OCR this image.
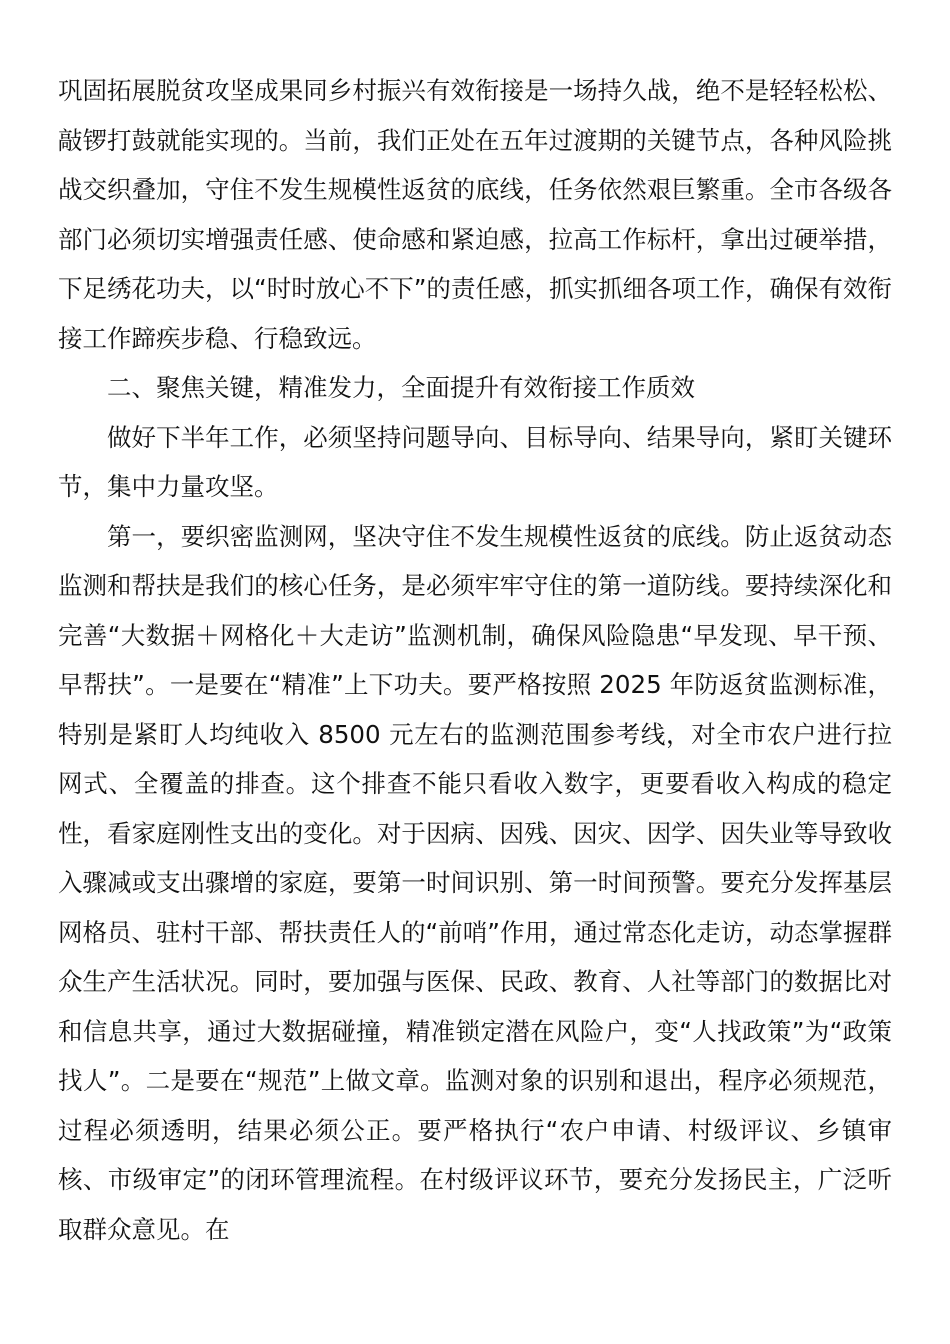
巩固拓展脱贫攻坚成果同乡村振兴有效衔接是一场持久战，绝不是轻轻松松、敲锣打鼓就能实现的。当前，我们正处在五年过渡期的关键节点，各种风险挑战交织叠加，守住不发生规模性返贫的底线，任务依然艰巨繁重。全市各级各部门必须切实增强责任感、使命感和紧迫感，拉高工作标杆，拿出过硬举措，下足绣花功夫，以“时时放心不下”的责任感，抓实抓细各项工作，确保有效衔接工作蹄疾步稳、行稳致远。

二、聚焦关键，精准发力，全面提升有效衔接工作质效

做好下半年工作，必须坚持问题导向、目标导向、结果导向，紧盯关键环节，集中力量攻坚。

第一，要织密监测网，坚决守住不发生规模性返贫的底线。防止返贫动态监测和帮扶是我们的核心任务，是必须牢牢守住的第一道防线。要持续深化和完善“大数据＋网格化＋大走访”监测机制，确保风险隐患“早发现、早干预、早帮扶”。一是要在“精准”上下功夫。要严格按照 2025 年防返贫监测标准，特别是紧盯人均纯收入 8500 元左右的监测范围参考线，对全市农户进行拉网式、全覆盖的排查。这个排查不能只看收入数字，更要看收入构成的稳定性，看家庭刚性支出的变化。对于因病、因残、因灾、因学、因失业等导致收入骤减或支出骤增的家庭，要第一时间识别、第一时间预警。要充分发挥基层网格员、驻村干部、帮扶责任人的“前哨”作用，通过常态化走访，动态掌握群众生产生活状况。同时，要加强与医保、民政、教育、人社等部门的数据比对和信息共享，通过大数据碰撞，精准锁定潜在风险户，变“人找政策”为“政策找人”。二是要在“规范”上做文章。监测对象的识别和退出，程序必须规范，过程必须透明，结果必须公正。要严格执行“农户申请、村级评议、乡镇审核、市级审定”的闭环管理流程。在村级评议环节，要充分发扬民主，广泛听取群众意见。在
